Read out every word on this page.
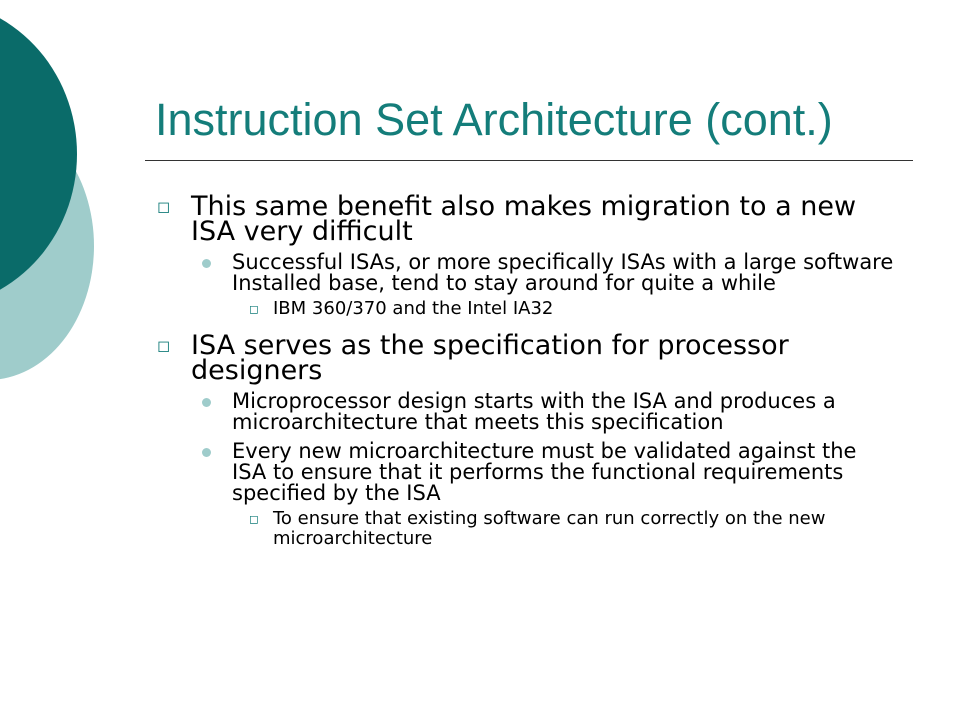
Instruction Set Architecture (cont.)
◻ This same benefit also makes migration to a new ISA very difficult
Successful ISAs, or more specifically ISAs with a large software Installed base, tend to stay around for quite a while
◻ IBM 360/370 and the Intel IA32
◻ ISA serves as the specification for processor designers
Microprocessor design starts with the ISA and produces a microarchitecture that meets this specification
Every new microarchitecture must be validated against the ISA to ensure that it performs the functional requirements specified by the ISA
◻ To ensure that existing software can run correctly on the new microarchitecture
